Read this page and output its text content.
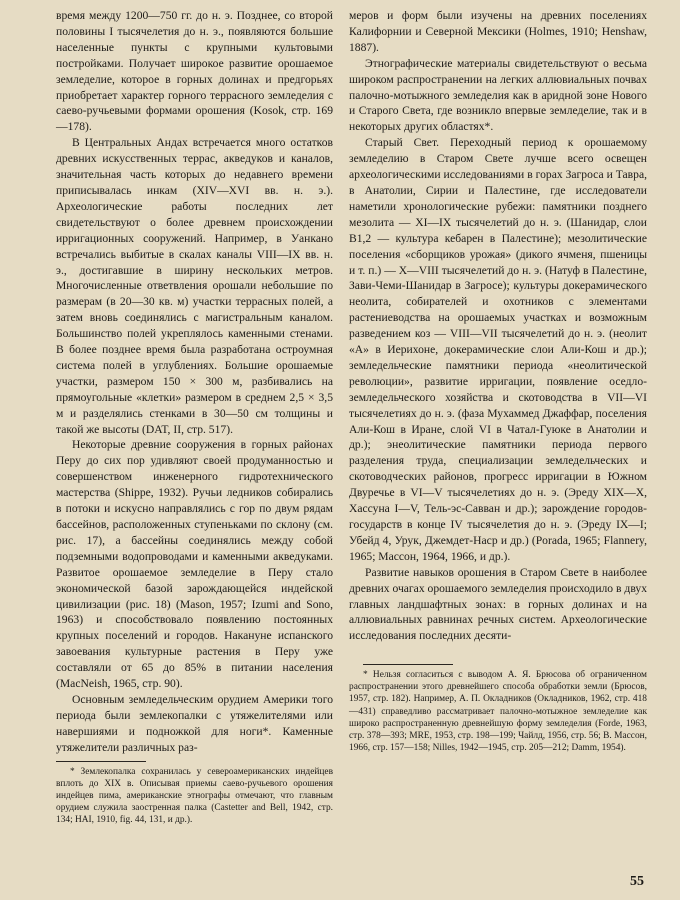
время между 1200—750 гг. до н. э. Позднее, со второй половины I тысячелетия до н. э., появляются большие населенные пункты с крупными культовыми постройками. Получает широкое развитие орошаемое земледелие, которое в горных долинах и предгорьях приобретает характер горного террасного земледелия с саево-ручьевыми формами орошения (Kosok, стр. 169—178).

В Центральных Андах встречается много остатков древних искусственных террас, акведуков и каналов, значительная часть которых до недавнего времени приписывалась инкам (XIV—XVI вв. н. э.). Археологические работы последних лет свидетельствуют о более древнем происхождении ирригационных сооружений. Например, в Уанкано встречались выбитые в скалах каналы VIII—IX вв. н. э., достигавшие в ширину нескольких метров. Многочисленные ответвления орошали небольшие по размерам (в 20—30 кв. м) участки террасных полей, а затем вновь соединялись с магистральным каналом. Большинство полей укреплялось каменными стенами. В более позднее время была разработана остроумная система полей в углублениях. Большие орошаемые участки, размером 150 × 300 м, разбивались на прямоугольные «клетки» размером в среднем 2,5 × 3,5 м и разделялись стенками в 30—50 см толщины и такой же высоты (DAT, II, стр. 517).

Некоторые древние сооружения в горных районах Перу до сих пор удивляют своей продуманностью и совершенством инженерного гидротехнического мастерства (Shippe, 1932). Ручьи ледников собирались в потоки и искусно направлялись с гор по двум рядам бассейнов, расположенных ступеньками по склону (см. рис. 17), а бассейны соединялись между собой подземными водопроводами и каменными акведуками. Развитое орошаемое земледелие в Перу стало экономической базой зарождающейся индейской цивилизации (рис. 18) (Mason, 1957; Izumi and Sono, 1963) и способствовало появлению постоянных крупных поселений и городов. Накануне испанского завоевания культурные растения в Перу уже составляли от 65 до 85% в питании населения (MacNeish, 1965, стр. 90).

Основным земледельческим орудием Америки того периода были землекопалки с утяжелителями или навершиями и подножкой для ноги*. Каменные утяжелители различных раз-

* Землекопалка сохранилась у североамериканских индейцев вплоть до XIX в. Описывая приемы саево-ручьевого орошения индейцев пима, американские этнографы отмечают, что главным орудием служила заостренная палка (Castetter and Bell, 1942, стр. 134; HAI, 1910, fig. 44, 131, и др.).

меров и форм были изучены на древних поселениях Калифорнии и Северной Мексики (Holmes, 1910; Henshaw, 1887).

Этнографические материалы свидетельствуют о весьма широком распространении на легких аллювиальных почвах палочно-мотыжного земледелия как в аридной зоне Нового и Старого Света, где возникло впервые земледелие, так и в некоторых других областях*.

Старый Свет. Переходный период к орошаемому земледелию в Старом Свете лучше всего освещен археологическими исследованиями в горах Загроса и Тавра, в Анатолии, Сирии и Палестине, где исследователи наметили хронологические рубежи: памятники позднего мезолита — XI—IX тысячелетий до н. э. (Шанидар, слои B1,2 — культура кебарен в Палестине); мезолитические поселения «сборщиков урожая» (дикого ячменя, пшеницы и т. п.) — X—VIII тысячелетий до н. э. (Натуф в Палестине, Зави-Чеми-Шанидар в Загросе); культуры докерамического неолита, собирателей и охотников с элементами растениеводства на орошаемых участках и возможным разведением коз — VIII—VII тысячелетий до н. э. (неолит «А» в Иерихоне, докерамические слои Али-Кош и др.); земледельческие памятники периода «неолитической революции», развитие ирригации, появление оседло-земледельческого хозяйства и скотоводства в VII—VI тысячелетиях до н. э. (фаза Мухаммед Джаффар, поселения Али-Кош в Иране, слой VI в Чатал-Гуюке в Анатолии и др.); энеолитические памятники периода первого разделения труда, специализации земледельческих и скотоводческих районов, прогресс ирригации в Южном Двуречье в VI—V тысячелетиях до н. э. (Эреду XIX—X, Хассуна I—V, Тель-эс-Савван и др.); зарождение городов-государств в конце IV тысячелетия до н. э. (Эреду IX—I; Убейд 4, Урук, Джемдет-Наср и др.) (Porada, 1965; Flannery, 1965; Массон, 1964, 1966, и др.).

Развитие навыков орошения в Старом Свете в наиболее древних очагах орошаемого земледелия происходило в двух главных ландшафтных зонах: в горных долинах и на аллювиальных равнинах речных систем. Археологические исследования последних десяти-

* Нельзя согласиться с выводом А. Я. Брюсова об ограниченном распространении этого древнейшего способа обработки земли (Брюсов, 1957, стр. 182). Например, А. П. Окладников (Окладников, 1962, стр. 418—431) справедливо рассматривает палочно-мотыжное земледелие как широко распространенную древнейшую форму земледелия (Forde, 1963, стр. 378—393; MRE, 1953, стр. 198—199; Чайлд, 1956, стр. 56; В. Массон, 1966, стр. 157—158; Nilles, 1942—1945, стр. 205—212; Damm, 1954).

55
